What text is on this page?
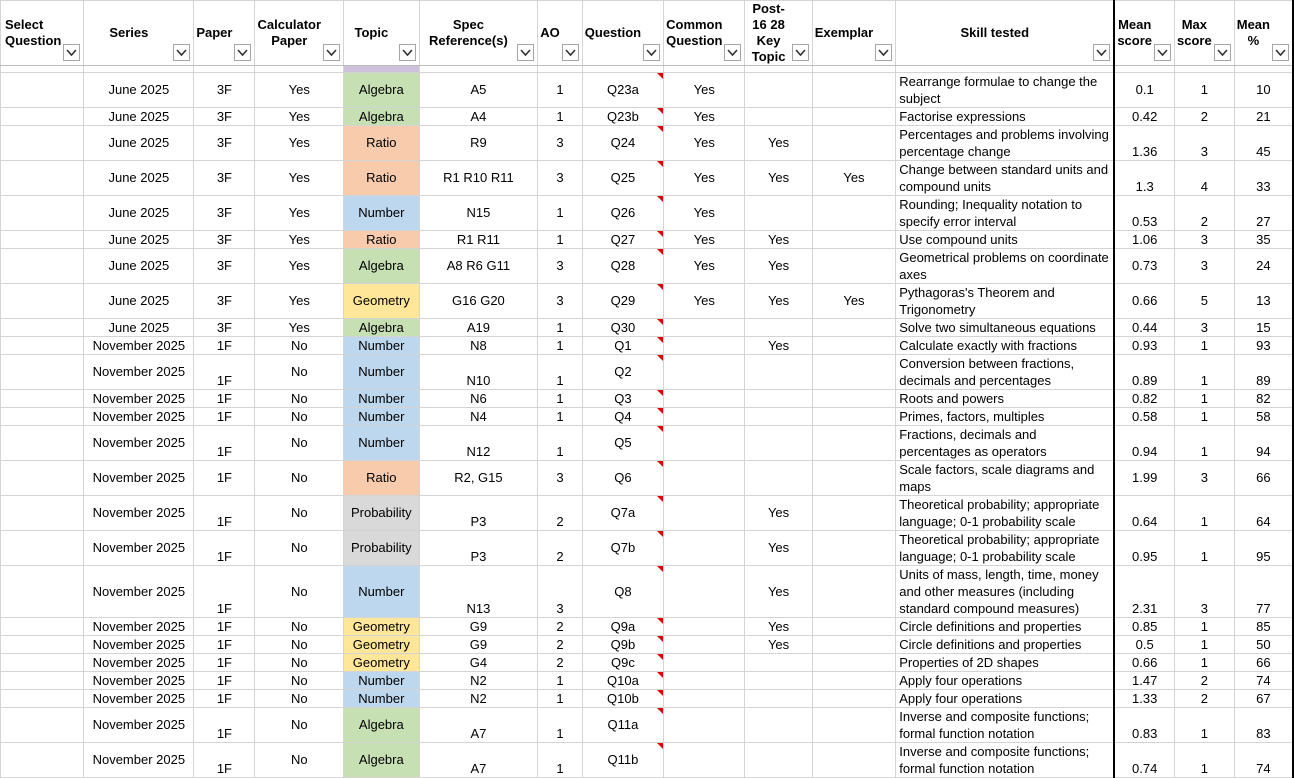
Select Question	Series	Paper	Calculator Paper	Topic	Spec Reference(s)	AO	Question	Common Question	Post-16 28 Key Topic	Exemplar	Skill tested	Mean score	Max score	Mean %

	June 2025	3F	Yes	Algebra	A5	1	Q23a	Yes			Rearrange formulae to change the subject	0.1	1	10
	June 2025	3F	Yes	Algebra	A4	1	Q23b	Yes			Factorise expressions	0.42	2	21
	June 2025	3F	Yes	Ratio	R9	3	Q24	Yes	Yes		Percentages and problems involving percentage change	1.36	3	45
	June 2025	3F	Yes	Ratio	R1 R10 R11	3	Q25	Yes	Yes	Yes	Change between standard units and compound units	1.3	4	33
	June 2025	3F	Yes	Number	N15	1	Q26	Yes			Rounding; Inequality notation to specify error interval	0.53	2	27
	June 2025	3F	Yes	Ratio	R1 R11	1	Q27	Yes	Yes		Use compound units	1.06	3	35
	June 2025	3F	Yes	Algebra	A8 R6 G11	3	Q28	Yes	Yes		Geometrical problems on coordinate axes	0.73	3	24
	June 2025	3F	Yes	Geometry	G16 G20	3	Q29	Yes	Yes	Yes	Pythagoras's Theorem and Trigonometry	0.66	5	13
	June 2025	3F	Yes	Algebra	A19	1	Q30				Solve two simultaneous equations	0.44	3	15
	November 2025	1F	No	Number	N8	1	Q1		Yes		Calculate exactly with fractions	0.93	1	93
	November 2025	1F	No	Number	N10	1	Q2				Conversion between fractions, decimals and percentages	0.89	1	89
	November 2025	1F	No	Number	N6	1	Q3				Roots and powers	0.82	1	82
	November 2025	1F	No	Number	N4	1	Q4				Primes, factors, multiples	0.58	1	58
	November 2025	1F	No	Number	N12	1	Q5				Fractions, decimals and percentages as operators	0.94	1	94
	November 2025	1F	No	Ratio	R2, G15	3	Q6				Scale factors, scale diagrams and maps	1.99	3	66
	November 2025	1F	No	Probability	P3	2	Q7a		Yes		Theoretical probability; appropriate language; 0-1 probability scale	0.64	1	64
	November 2025	1F	No	Probability	P3	2	Q7b		Yes		Theoretical probability; appropriate language; 0-1 probability scale	0.95	1	95
	November 2025	1F	No	Number	N13	3	Q8		Yes		Units of mass, length, time, money and other measures (including standard compound measures)	2.31	3	77
	November 2025	1F	No	Geometry	G9	2	Q9a		Yes		Circle definitions and properties	0.85	1	85
	November 2025	1F	No	Geometry	G9	2	Q9b		Yes		Circle definitions and properties	0.5	1	50
	November 2025	1F	No	Geometry	G4	2	Q9c				Properties of 2D shapes	0.66	1	66
	November 2025	1F	No	Number	N2	1	Q10a				Apply four operations	1.47	2	74
	November 2025	1F	No	Number	N2	1	Q10b				Apply four operations	1.33	2	67
	November 2025	1F	No	Algebra	A7	1	Q11a				Inverse and composite functions; formal function notation	0.83	1	83
	November 2025	1F	No	Algebra	A7	1	Q11b				Inverse and composite functions; formal function notation	0.74	1	74
